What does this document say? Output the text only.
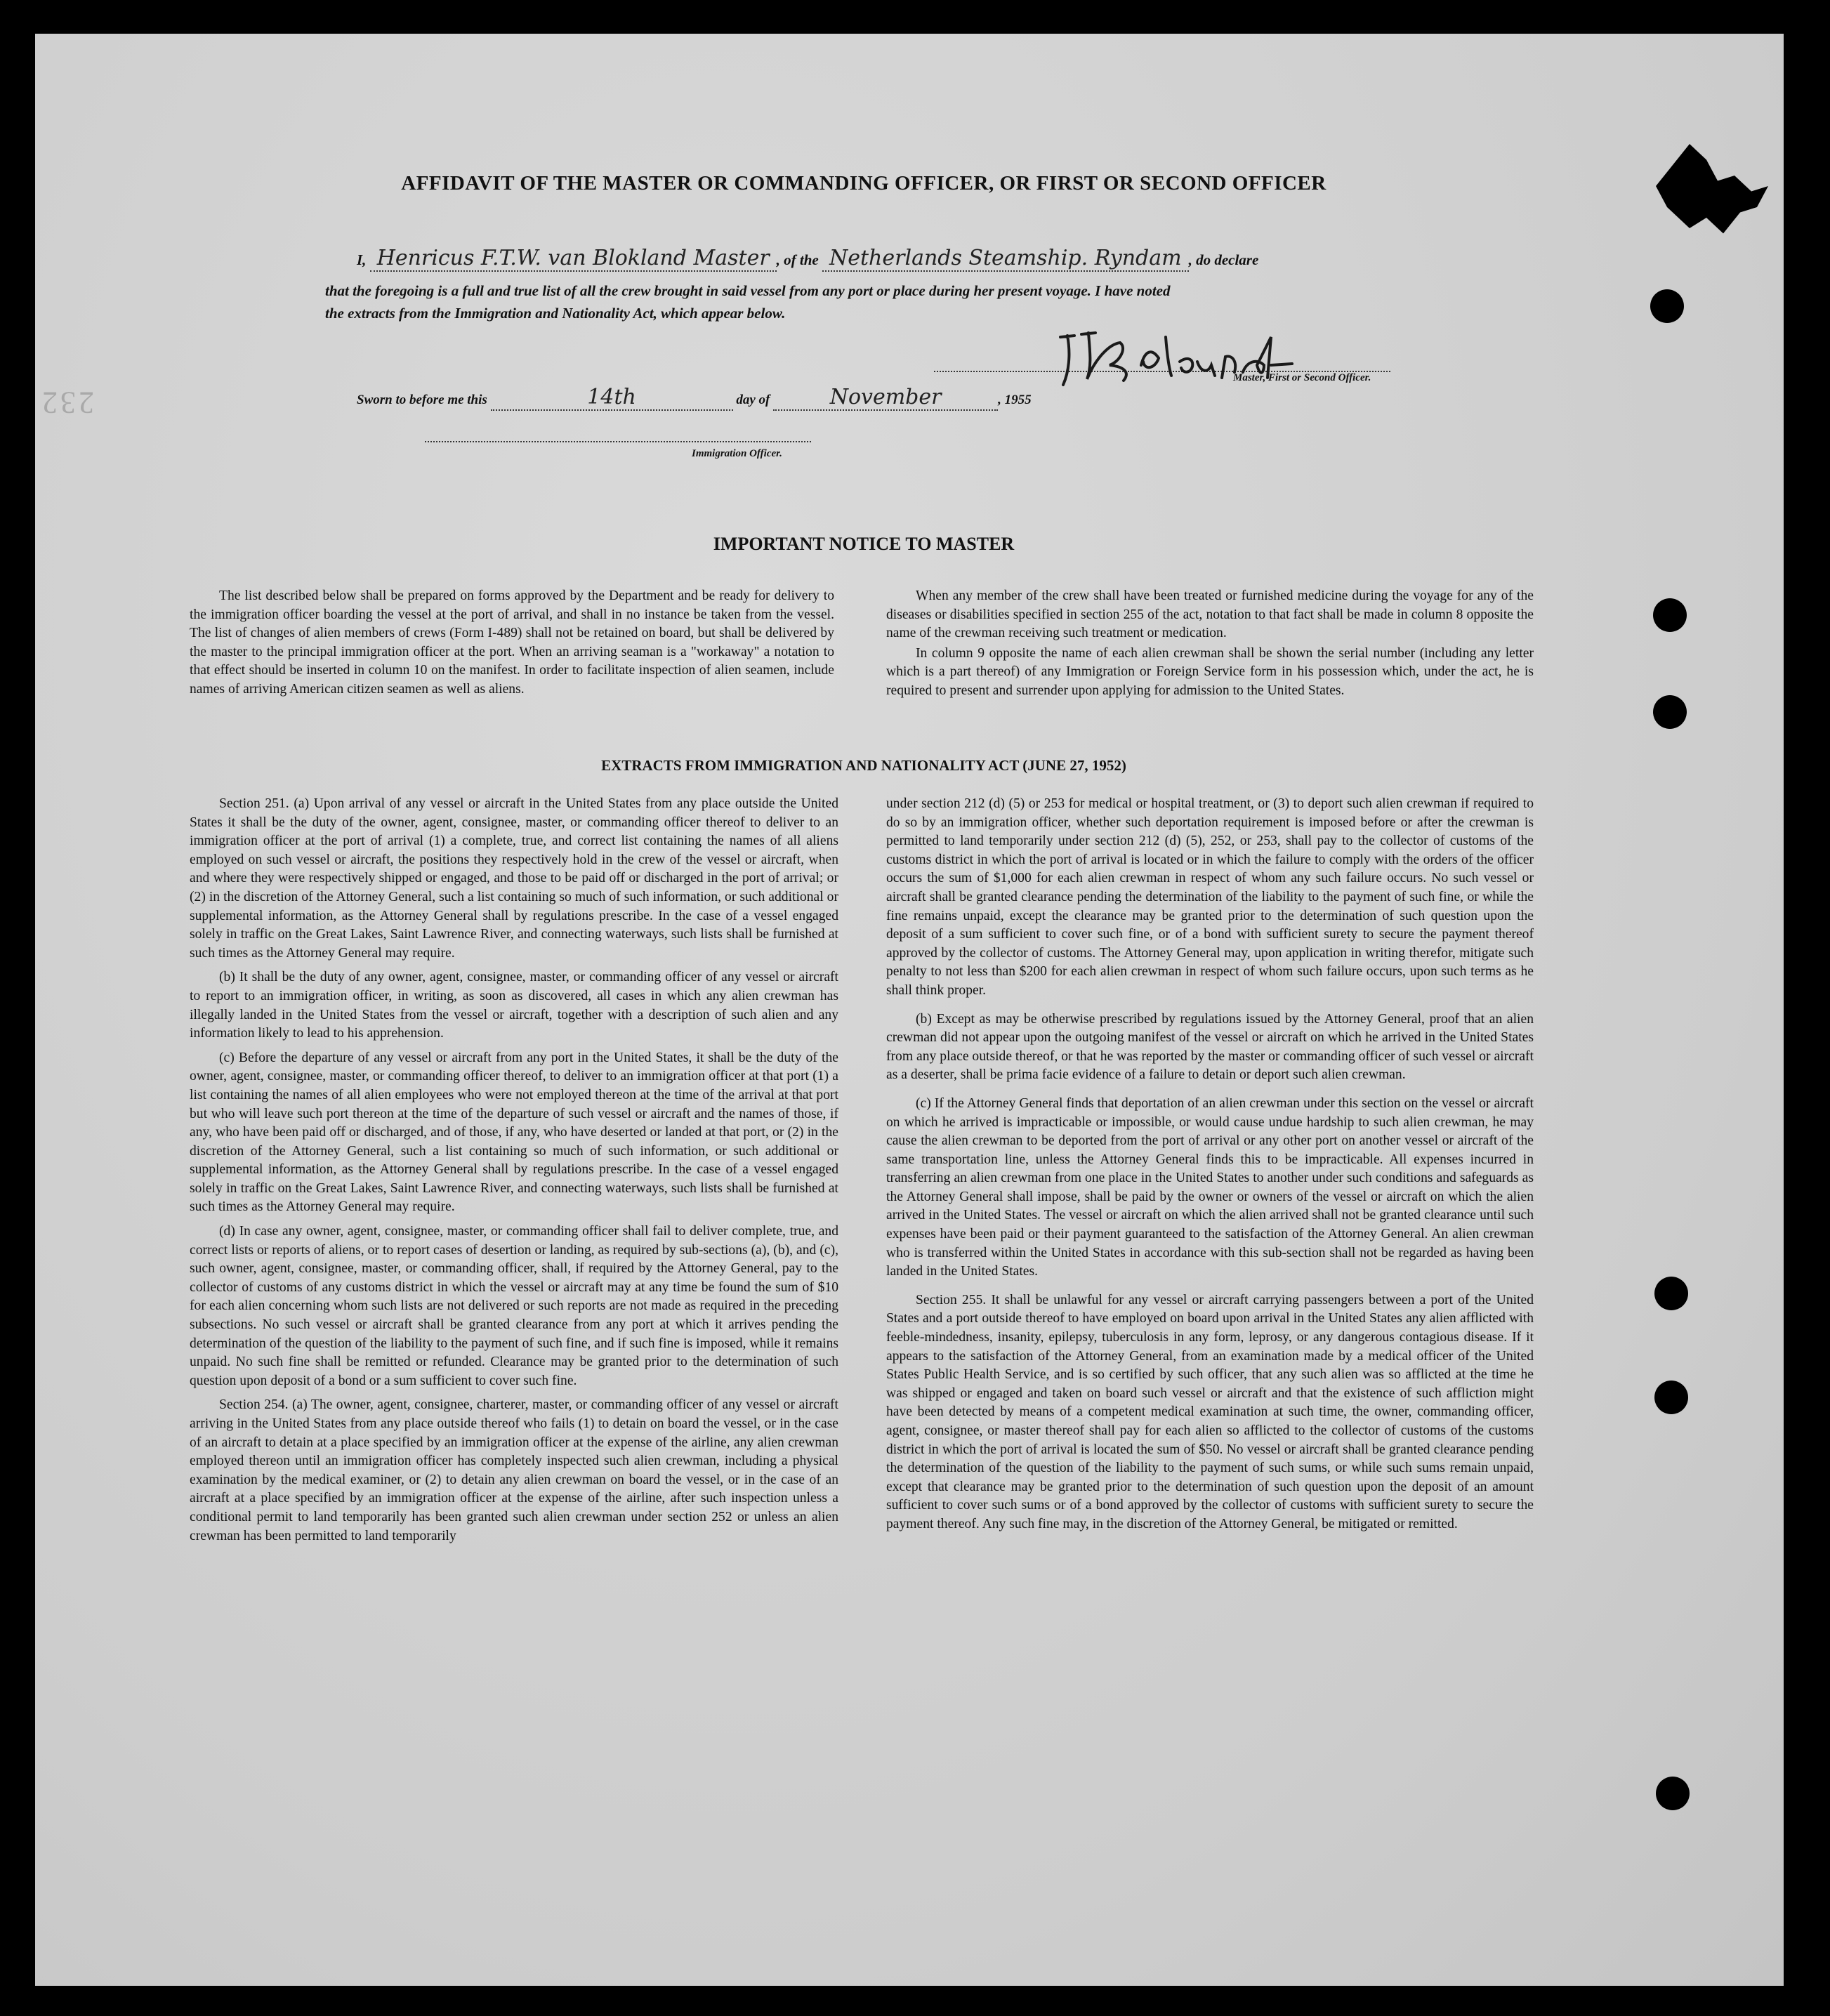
232
AFFIDAVIT OF THE MASTER OR COMMANDING OFFICER, OR FIRST OR SECOND OFFICER
I, Henricus F.T.W. van Blokland Master , of the Netherlands Steamship. Ryndam , do declare
that the foregoing is a full and true list of all the crew brought in said vessel from any port or place during her present voyage. I have noted
the extracts from the Immigration and Nationality Act, which appear below.
Sworn to before me this	14th	day of	November	, 1955
Master, First or Second Officer.
Immigration Officer.
IMPORTANT NOTICE TO MASTER

The list described below shall be prepared on forms approved by the Department and be ready for delivery to the immigration officer boarding the vessel at the port of arrival, and shall in no instance be taken from the vessel. The list of changes of alien members of crews (Form I-489) shall not be retained on board, but shall be delivered by the master to the principal immigration officer at the port. When an arriving seaman is a "workaway" a notation to that effect should be inserted in column 10 on the manifest. In order to facilitate inspection of alien seamen, include names of arriving American citizen seamen as well as aliens.

When any member of the crew shall have been treated or furnished medicine during the voyage for any of the diseases or disabilities specified in section 255 of the act, notation to that fact shall be made in column 8 opposite the name of the crewman receiving such treatment or medication.

In column 9 opposite the name of each alien crewman shall be shown the serial number (including any letter which is a part thereof) of any Immigration or Foreign Service form in his possession which, under the act, he is required to present and surrender upon applying for admission to the United States.

EXTRACTS FROM IMMIGRATION AND NATIONALITY ACT (JUNE 27, 1952)

Section 251. (a) Upon arrival of any vessel or aircraft in the United States from any place outside the United States it shall be the duty of the owner, agent, consignee, master, or commanding officer thereof to deliver to an immigration officer at the port of arrival (1) a complete, true, and correct list containing the names of all aliens employed on such vessel or aircraft, the positions they respectively hold in the crew of the vessel or aircraft, when and where they were respectively shipped or engaged, and those to be paid off or discharged in the port of arrival; or (2) in the discretion of the Attorney General, such a list containing so much of such information, or such additional or supplemental information, as the Attorney General shall by regulations prescribe. In the case of a vessel engaged solely in traffic on the Great Lakes, Saint Lawrence River, and connecting waterways, such lists shall be furnished at such times as the Attorney General may require.

(b) It shall be the duty of any owner, agent, consignee, master, or commanding officer of any vessel or aircraft to report to an immigration officer, in writing, as soon as discovered, all cases in which any alien crewman has illegally landed in the United States from the vessel or aircraft, together with a description of such alien and any information likely to lead to his apprehension.

(c) Before the departure of any vessel or aircraft from any port in the United States, it shall be the duty of the owner, agent, consignee, master, or commanding officer thereof, to deliver to an immigration officer at that port (1) a list containing the names of all alien employees who were not employed thereon at the time of the arrival at that port but who will leave such port thereon at the time of the departure of such vessel or aircraft and the names of those, if any, who have been paid off or discharged, and of those, if any, who have deserted or landed at that port, or (2) in the discretion of the Attorney General, such a list containing so much of such information, or such additional or supplemental information, as the Attorney General shall by regulations prescribe. In the case of a vessel engaged solely in traffic on the Great Lakes, Saint Lawrence River, and connecting waterways, such lists shall be furnished at such times as the Attorney General may require.

(d) In case any owner, agent, consignee, master, or commanding officer shall fail to deliver complete, true, and correct lists or reports of aliens, or to report cases of desertion or landing, as required by sub-sections (a), (b), and (c), such owner, agent, consignee, master, or commanding officer, shall, if required by the Attorney General, pay to the collector of customs of any customs district in which the vessel or aircraft may at any time be found the sum of $10 for each alien concerning whom such lists are not delivered or such reports are not made as required in the preceding subsections. No such vessel or aircraft shall be granted clearance from any port at which it arrives pending the determination of the question of the liability to the payment of such fine, and if such fine is imposed, while it remains unpaid. No such fine shall be remitted or refunded. Clearance may be granted prior to the determination of such question upon deposit of a bond or a sum sufficient to cover such fine.

Section 254. (a) The owner, agent, consignee, charterer, master, or commanding officer of any vessel or aircraft arriving in the United States from any place outside thereof who fails (1) to detain on board the vessel, or in the case of an aircraft to detain at a place specified by an immigration officer at the expense of the airline, any alien crewman employed thereon until an immigration officer has completely inspected such alien crewman, including a physical examination by the medical examiner, or (2) to detain any alien crewman on board the vessel, or in the case of an aircraft at a place specified by an immigration officer at the expense of the airline, after such inspection unless a conditional permit to land temporarily has been granted such alien crewman under section 252 or unless an alien crewman has been permitted to land temporarily

under section 212 (d) (5) or 253 for medical or hospital treatment, or (3) to deport such alien crewman if required to do so by an immigration officer, whether such deportation requirement is imposed before or after the crewman is permitted to land temporarily under section 212 (d) (5), 252, or 253, shall pay to the collector of customs of the customs district in which the port of arrival is located or in which the failure to comply with the orders of the officer occurs the sum of $1,000 for each alien crewman in respect of whom any such failure occurs. No such vessel or aircraft shall be granted clearance pending the determination of the liability to the payment of such fine, or while the fine remains unpaid, except the clearance may be granted prior to the determination of such question upon the deposit of a sum sufficient to cover such fine, or of a bond with sufficient surety to secure the payment thereof approved by the collector of customs. The Attorney General may, upon application in writing therefor, mitigate such penalty to not less than $200 for each alien crewman in respect of whom such failure occurs, upon such terms as he shall think proper.

(b) Except as may be otherwise prescribed by regulations issued by the Attorney General, proof that an alien crewman did not appear upon the outgoing manifest of the vessel or aircraft on which he arrived in the United States from any place outside thereof, or that he was reported by the master or commanding officer of such vessel or aircraft as a deserter, shall be prima facie evidence of a failure to detain or deport such alien crewman.

(c) If the Attorney General finds that deportation of an alien crewman under this section on the vessel or aircraft on which he arrived is impracticable or impossible, or would cause undue hardship to such alien crewman, he may cause the alien crewman to be deported from the port of arrival or any other port on another vessel or aircraft of the same transportation line, unless the Attorney General finds this to be impracticable. All expenses incurred in transferring an alien crewman from one place in the United States to another under such conditions and safeguards as the Attorney General shall impose, shall be paid by the owner or owners of the vessel or aircraft on which the alien arrived in the United States. The vessel or aircraft on which the alien arrived shall not be granted clearance until such expenses have been paid or their payment guaranteed to the satisfaction of the Attorney General. An alien crewman who is transferred within the United States in accordance with this sub-section shall not be regarded as having been landed in the United States.

Section 255. It shall be unlawful for any vessel or aircraft carrying passengers between a port of the United States and a port outside thereof to have employed on board upon arrival in the United States any alien afflicted with feeble-mindedness, insanity, epilepsy, tuberculosis in any form, leprosy, or any dangerous contagious disease. If it appears to the satisfaction of the Attorney General, from an examination made by a medical officer of the United States Public Health Service, and is so certified by such officer, that any such alien was so afflicted at the time he was shipped or engaged and taken on board such vessel or aircraft and that the existence of such affliction might have been detected by means of a competent medical examination at such time, the owner, commanding officer, agent, consignee, or master thereof shall pay for each alien so afflicted to the collector of customs of the customs district in which the port of arrival is located the sum of $50. No vessel or aircraft shall be granted clearance pending the determination of the question of the liability to the payment of such sums, or while such sums remain unpaid, except that clearance may be granted prior to the determination of such question upon the deposit of an amount sufficient to cover such sums or of a bond approved by the collector of customs with sufficient surety to secure the payment thereof. Any such fine may, in the discretion of the Attorney General, be mitigated or remitted.
